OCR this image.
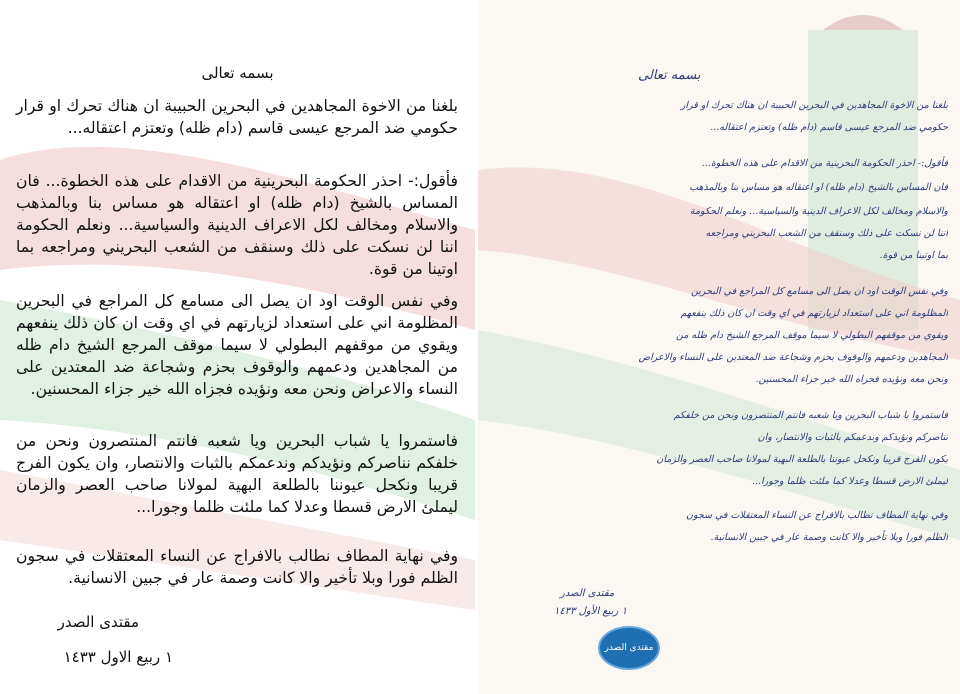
بسمه تعالى
بلغنا من الاخوة المجاهدين في البحرين الحبيبة ان هناك تحرك او قرار حكومي ضد المرجع عيسى قاسم (دام ظله) وتعتزم اعتقاله...
فأقول:- احذر الحكومة البحرينية من الاقدام على هذه الخطوة... فان المساس بالشيخ (دام ظله) او اعتقاله هو مساس بنا وبالمذهب والاسلام ومخالف لكل الاعراف الدينية والسياسية... ونعلم الحكومة اننا لن نسكت على ذلك وسنقف من الشعب البحريني ومراجعه بما اوتينا من قوة.
وفي نفس الوقت اود ان يصل الى مسامع كل المراجع في البحرين المظلومة اني على استعداد لزيارتهم في اي وقت ان كان ذلك ينفعهم ويقوي من موقفهم البطولي لا سيما موقف المرجع الشيخ دام ظله من المجاهدين ودعمهم والوقوف بحزم وشجاعة ضد المعتدين على النساء والاعراض ونحن معه ونؤيده فجزاه الله خير جزاء المحسنين.
فاستمروا يا شباب البحرين ويا شعبه فانتم المنتصرون ونحن من خلفكم نناصركم ونؤيدكم وندعمكم بالثبات والانتصار، وان يكون الفرج قريبا ونكحل عيوننا بالطلعة البهية لمولانا صاحب العصر والزمان ليملئ الارض قسطا وعدلا كما ملئت ظلما وجورا...
وفي نهاية المطاف نطالب بالافراج عن النساء المعتقلات في سجون الظلم فورا وبلا تأخير والا كانت وصمة عار في جبين الانسانية.
مقتدى الصدر
١ ربيع الاول ١٤٣٣
بسمه تعالى
بلغنا من الاخوة المجاهدين في البحرين الحبيبة ان هناك تحرك او قرار
حكومي ضد المرجع عيسى قاسم (دام ظله) وتعتزم اعتقاله...
فأقول:- احذر الحكومة البحرينية من الاقدام على هذه الخطوة...
فان المساس بالشيخ (دام ظله) او اعتقاله هو مساس بنا وبالمذهب
والاسلام ومخالف لكل الاعراف الدينية والسياسية... ونعلم الحكومة
اننا لن نسكت على ذلك وسنقف من الشعب البحريني ومراجعه
بما اوتينا من قوة.
وفي نفس الوقت اود ان يصل الى مسامع كل المراجع في البحرين
المظلومة اني على استعداد لزيارتهم في اي وقت ان كان ذلك ينفعهم
ويقوي من موقفهم البطولي لا سيما موقف المرجع الشيخ دام ظله من
المجاهدين ودعمهم والوقوف بحزم وشجاعة ضد المعتدين على النساء والاعراض
ونحن معه ونؤيده فجزاه الله خير جزاء المحسنين.
فاستمروا يا شباب البحرين ويا شعبه فانتم المنتصرون ونحن من خلفكم
نناصركم ونؤيدكم وندعمكم بالثبات والانتصار، وان
يكون الفرج قريبا ونكحل عيوننا بالطلعة البهية لمولانا صاحب العصر والزمان
ليملئ الارض قسطا وعدلا كما ملئت ظلما وجورا...
وفي نهاية المطاف نطالب بالافراج عن النساء المعتقلات في سجون
الظلم فورا وبلا تأخير والا كانت وصمة عار في جبين الانسانية.
مقتدى الصدر
١ ربيع الأول ١٤٣٣
مقتدى الصدر
